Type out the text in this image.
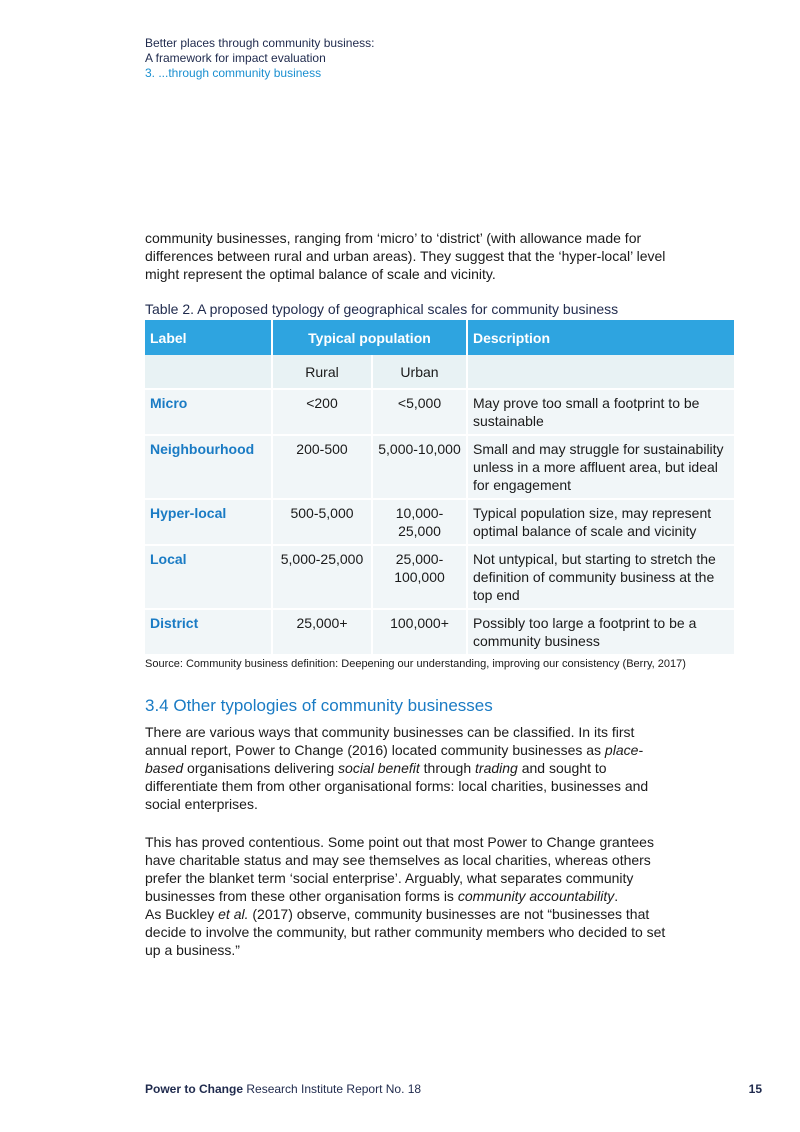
Better places through community business:
A framework for impact evaluation
3. ...through community business

community businesses, ranging from ‘micro’ to ‘district’ (with allowance made for differences between rural and urban areas). They suggest that the ‘hyper-local’ level might represent the optimal balance of scale and vicinity.

Table 2. A proposed typology of geographical scales for community business
Label	Typical population		Description
	Rural	Urban	
Micro	<200	<5,000	May prove too small a footprint to be sustainable
Neighbourhood	200-500	5,000-10,000	Small and may struggle for sustainability unless in a more affluent area, but ideal for engagement
Hyper-local	500-5,000	10,000-25,000	Typical population size, may represent optimal balance of scale and vicinity
Local	5,000-25,000	25,000-100,000	Not untypical, but starting to stretch the definition of community business at the top end
District	25,000+	100,000+	Possibly too large a footprint to be a community business
Source: Community business definition: Deepening our understanding, improving our consistency (Berry, 2017)
3.4 Other typologies of community businesses

There are various ways that community businesses can be classified. In its first annual report, Power to Change (2016) located community businesses as place-based organisations delivering social benefit through trading and sought to differentiate them from other organisational forms: local charities, businesses and social enterprises.

This has proved contentious. Some point out that most Power to Change grantees have charitable status and may see themselves as local charities, whereas others prefer the blanket term ‘social enterprise’. Arguably, what separates community businesses from these other organisation forms is community accountability.
As Buckley et al. (2017) observe, community businesses are not “businesses that decide to involve the community, but rather community members who decided to set up a business.”

Power to Change Research Institute Report No. 18	15
